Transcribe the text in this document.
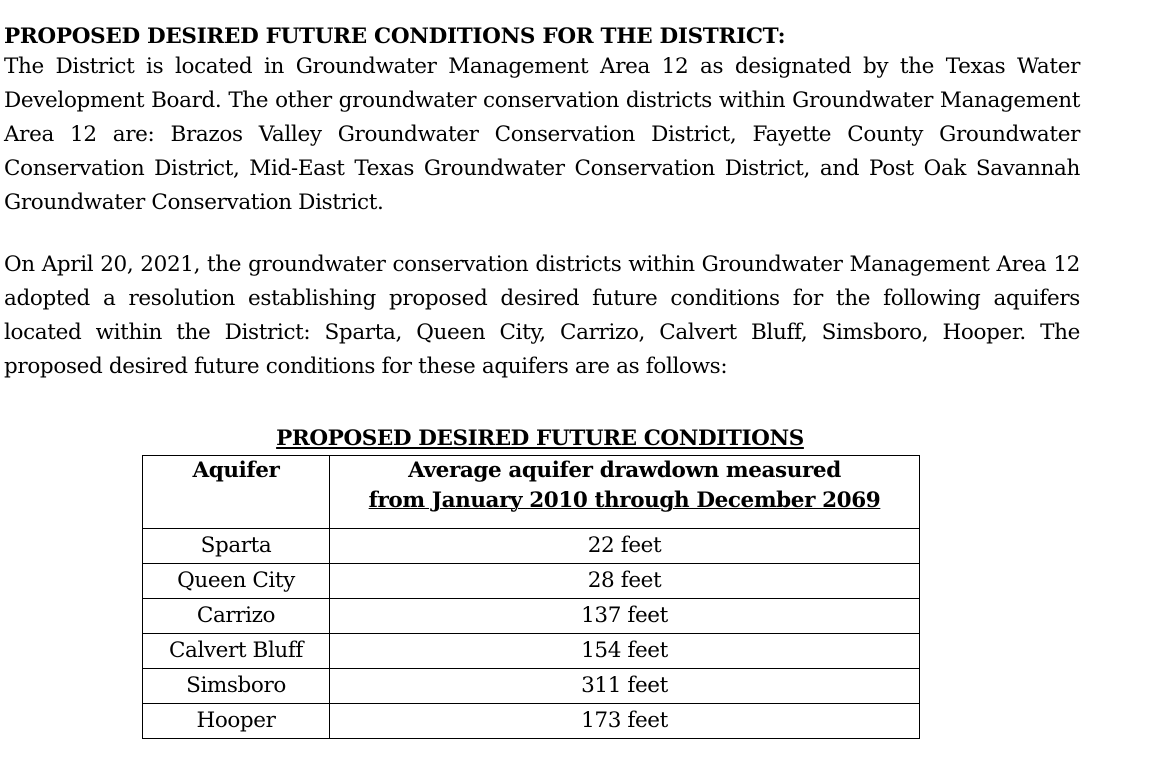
PROPOSED DESIRED FUTURE CONDITIONS FOR THE DISTRICT:

The District is located in Groundwater Management Area 12 as designated by the Texas Water Development Board. The other groundwater conservation districts within Groundwater Management Area 12 are: Brazos Valley Groundwater Conservation District, Fayette County Groundwater Conservation District, Mid-East Texas Groundwater Conservation District, and Post Oak Savannah Groundwater Conservation District.

On April 20, 2021, the groundwater conservation districts within Groundwater Management Area 12 adopted a resolution establishing proposed desired future conditions for the following aquifers located within the District: Sparta, Queen City, Carrizo, Calvert Bluff, Simsboro, Hooper. The proposed desired future conditions for these aquifers are as follows:

PROPOSED DESIRED FUTURE CONDITIONS
Aquifer	Average aquifer drawdown measured
from January 2010 through December 2069

Sparta	22 feet
Queen City	28 feet
Carrizo	137 feet
Calvert Bluff	154 feet
Simsboro	311 feet
Hooper	173 feet
